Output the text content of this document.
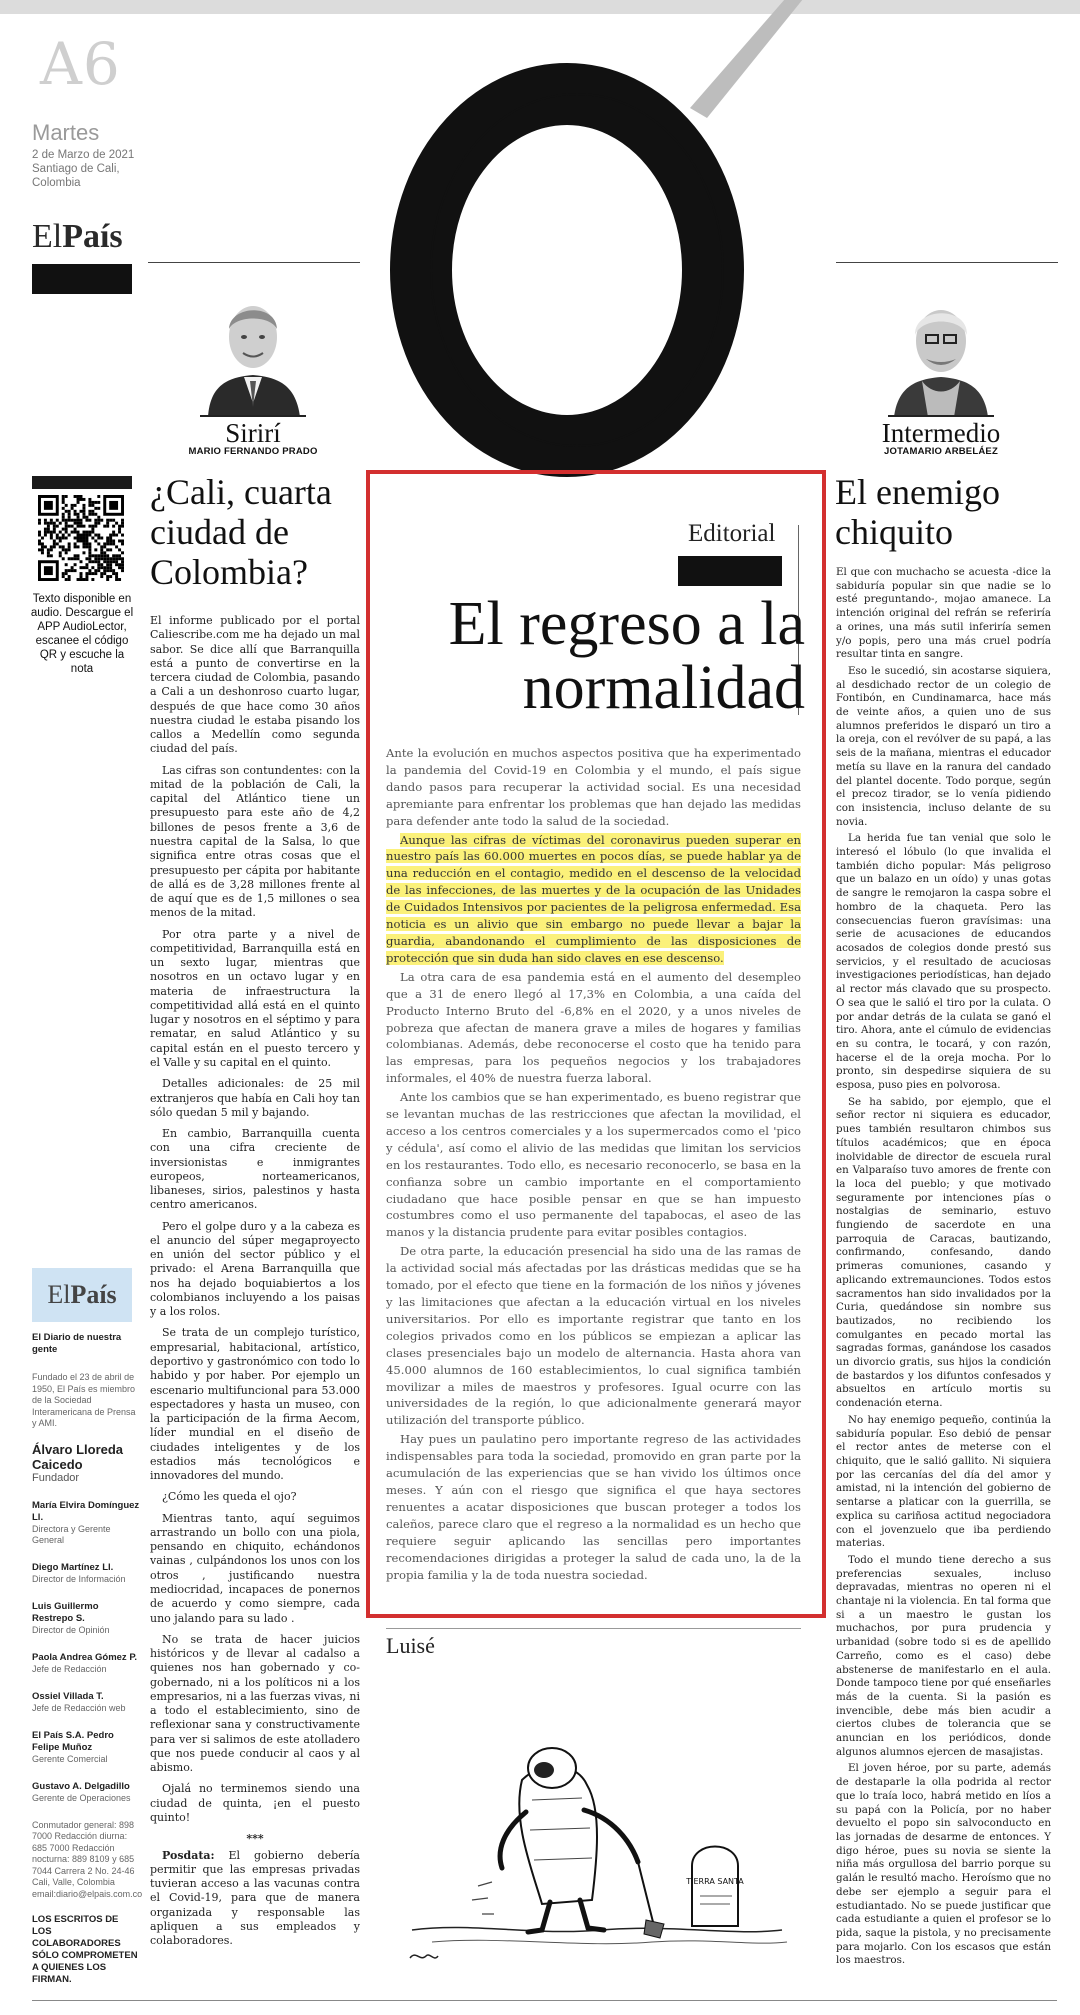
A6
Martes
2 de Marzo de 2021 Santiago de Cali, Colombia
ElPaís
Texto disponible en audio. Descargue el APP AudioLector, escanee el código QR y escuche la nota
El País
El Diario de nuestra gente
Fundado el 23 de abril de 1950, El País es miembro de la Sociedad Interamericana de Prensa y AMI.
Álvaro Lloreda Caicedo
Fundador
María Elvira Domínguez Ll.
Directora y Gerente General
Diego Martínez Ll.
Director de Información
Luis Guillermo Restrepo S.
Director de Opinión
Paola Andrea Gómez P.
Jefe de Redacción
Ossiel Villada T.
Jefe de Redacción web
El País S.A. Pedro Felipe Muñoz
Gerente Comercial
Gustavo A. Delgadillo
Gerente de Operaciones
Conmutador general: 898 7000 Redacción diurna: 685 7000 Redacción nocturna: 889 8109 y 685 7044 Carrera 2 No. 24-46 Cali, Valle, Colombia email:diario@elpais.com.co
LOS ESCRITOS DE LOS COLABORADORES SÓLO COMPROMETEN A QUIENES LOS FIRMAN.
Sirirí
MARIO FERNANDO PRADO
Intermedio
JOTAMARIO ARBELÁEZ
¿Cali, cuarta ciudad de Colombia?

El informe publicado por el portal Caliescribe.com me ha dejado un mal sabor. Se dice allí que Barranquilla está a punto de convertirse en la tercera ciudad de Colombia, pasando a Cali a un deshonroso cuarto lugar, después de que hace como 30 años nuestra ciudad le estaba pisando los callos a Medellín como segunda ciudad del país.

Las cifras son contundentes: con la mitad de la población de Cali, la capital del Atlántico tiene un presupuesto para este año de 4,2 billones de pesos frente a 3,6 de nuestra capital de la Salsa, lo que significa entre otras cosas que el presupuesto per cápita por habitante de allá es de 3,28 millones frente al de aquí que es de 1,5 millones o sea menos de la mitad.

Por otra parte y a nivel de competitividad, Barranquilla está en un sexto lugar, mientras que nosotros en un octavo lugar y en materia de infraestructura la competitividad allá está en el quinto lugar y nosotros en el séptimo y para rematar, en salud Atlántico y su capital están en el puesto tercero y el Valle y su capital en el quinto.

Detalles adicionales: de 25 mil extranjeros que había en Cali hoy tan sólo quedan 5 mil y bajando.

En cambio, Barranquilla cuenta con una cifra creciente de inversionistas e inmigrantes europeos, norteamericanos, libaneses, sirios, palestinos y hasta centro americanos.

Pero el golpe duro y a la cabeza es el anuncio del súper megaproyecto en unión del sector público y el privado: el Arena Barranquilla que nos ha dejado boquiabiertos a los colombianos incluyendo a los paisas y a los rolos.

Se trata de un complejo turístico, empresarial, habitacional, artístico, deportivo y gastronómico con todo lo habido y por haber. Por ejemplo un escenario multifuncional para 53.000 espectadores y hasta un museo, con la participación de la firma Aecom, líder mundial en el diseño de ciudades inteligentes y de los estadios más tecnológicos e innovadores del mundo.

¿Cómo les queda el ojo?

Mientras tanto, aquí seguimos arrastrando un bollo con una piola, pensando en chiquito, echándonos vainas , culpándonos los unos con los otros , justificando nuestra mediocridad, incapaces de ponernos de acuerdo y como siempre, cada uno jalando para su lado .

No se trata de hacer juicios históricos y de llevar al cadalso a quienes nos han gobernado y co-gobernado, ni a los políticos ni a los empresarios, ni a las fuerzas vivas, ni a todo el establecimiento, sino de reflexionar sana y constructivamente para ver si salimos de este atolladero que nos puede conducir al caos y al abismo.

Ojalá no terminemos siendo una ciudad de quinta, ¡en el puesto quinto!

***

Posdata: El gobierno debería permitir que las empresas privadas tuvieran acceso a las vacunas contra el Covid-19, para que de manera organizada y responsable las apliquen a sus empleados y colaboradores.

Editorial
El regreso a la normalidad

Ante la evolución en muchos aspectos positiva que ha experimentado la pandemia del Covid-19 en Colombia y el mundo, el país sigue dando pasos para recuperar la actividad social. Es una necesidad apremiante para enfrentar los problemas que han dejado las medidas para defender ante todo la salud de la sociedad.

Aunque las cifras de víctimas del coronavirus pueden superar en nuestro país las 60.000 muertes en pocos días, se puede hablar ya de una reducción en el contagio, medido en el descenso de la velocidad de las infecciones, de las muertes y de la ocupación de las Unidades de Cuidados Intensivos por pacientes de la peligrosa enfermedad. Esa noticia es un alivio que sin embargo no puede llevar a bajar la guardia, abandonando el cumplimiento de las disposiciones de protección que sin duda han sido claves en ese descenso.

La otra cara de esa pandemia está en el aumento del desempleo que a 31 de enero llegó al 17,3% en Colombia, a una caída del Producto Interno Bruto del -6,8% en el 2020, y a unos niveles de pobreza que afectan de manera grave a miles de hogares y familias colombianas. Además, debe reconocerse el costo que ha tenido para las empresas, para los pequeños negocios y los trabajadores informales, el 40% de nuestra fuerza laboral.

Ante los cambios que se han experimentado, es bueno registrar que se levantan muchas de las restricciones que afectan la movilidad, el acceso a los centros comerciales y a los supermercados como el 'pico y cédula', así como el alivio de las medidas que limitan los servicios en los restaurantes. Todo ello, es necesario reconocerlo, se basa en la confianza sobre un cambio importante en el comportamiento ciudadano que hace posible pensar en que se han impuesto costumbres como el uso permanente del tapabocas, el aseo de las manos y la distancia prudente para evitar posibles contagios.

De otra parte, la educación presencial ha sido una de las ramas de la actividad social más afectadas por las drásticas medidas que se ha tomado, por el efecto que tiene en la formación de los niños y jóvenes y las limitaciones que afectan a la educación virtual en los niveles universitarios. Por ello es importante registrar que tanto en los colegios privados como en los públicos se empiezan a aplicar las clases presenciales bajo un modelo de alternancia. Hasta ahora van 45.000 alumnos de 160 establecimientos, lo cual significa también movilizar a miles de maestros y profesores. Igual ocurre con las universidades de la región, lo que adicionalmente generará mayor utilización del transporte público.

Hay pues un paulatino pero importante regreso de las actividades indispensables para toda la sociedad, promovido en gran parte por la acumulación de las experiencias que se han vivido los últimos once meses. Y aún con el riesgo que significa el que haya sectores renuentes a acatar disposiciones que buscan proteger a todos los caleños, parece claro que el regreso a la normalidad es un hecho que requiere seguir aplicando las sencillas pero importantes recomendaciones dirigidas a proteger la salud de cada uno, la de la propia familia y la de toda nuestra sociedad.

Luisé
TIERRA SANTA
El enemigo chiquito

El que con muchacho se acuesta -dice la sabiduría popular sin que nadie se lo esté preguntando-, mojao amanece. La intención original del refrán se referiría a orines, una más sutil inferiría semen y/o popis, pero una más cruel podría resultar tinta en sangre.

Eso le sucedió, sin acostarse siquiera, al desdichado rector de un colegio de Fontibón, en Cundinamarca, hace más de veinte años, a quien uno de sus alumnos preferidos le disparó un tiro a la oreja, con el revólver de su papá, a las seis de la mañana, mientras el educador metía su llave en la ranura del candado del plantel docente. Todo porque, según el precoz tirador, se lo venía pidiendo con insistencia, incluso delante de su novia.

La herida fue tan venial que solo le interesó el lóbulo (lo que invalida el también dicho popular: Más peligroso que un balazo en un oído) y unas gotas de sangre le remojaron la caspa sobre el hombro de la chaqueta. Pero las consecuencias fueron gravísimas: una serie de acusaciones de educandos acosados de colegios donde prestó sus servicios, y el resultado de acuciosas investigaciones periodísticas, han dejado al rector más clavado que su prospecto. O sea que le salió el tiro por la culata. O por andar detrás de la culata se ganó el tiro. Ahora, ante el cúmulo de evidencias en su contra, le tocará, y con razón, hacerse el de la oreja mocha. Por lo pronto, sin despedirse siquiera de su esposa, puso pies en polvorosa.

Se ha sabido, por ejemplo, que el señor rector ni siquiera es educador, pues también resultaron chimbos sus títulos académicos; que en época inolvidable de director de escuela rural en Valparaíso tuvo amores de frente con la loca del pueblo; y que motivado seguramente por intenciones pías o nostalgias de seminario, estuvo fungiendo de sacerdote en una parroquia de Caracas, bautizando, confirmando, confesando, dando primeras comuniones, casando y aplicando extremaunciones. Todos estos sacramentos han sido invalidados por la Curia, quedándose sin nombre sus bautizados, no recibiendo los comulgantes en pecado mortal las sagradas formas, ganándose los casados un divorcio gratis, sus hijos la condición de bastardos y los difuntos confesados y absueltos en artículo mortis su condenación eterna.

No hay enemigo pequeño, continúa la sabiduría popular. Eso debió de pensar el rector antes de meterse con el chiquito, que le salió gallito. Ni siquiera por las cercanías del día del amor y amistad, ni la intención del gobierno de sentarse a platicar con la guerrilla, se explica su cariñosa actitud negociadora con el jovenzuelo que iba perdiendo materias.

Todo el mundo tiene derecho a sus preferencias sexuales, incluso depravadas, mientras no operen ni el chantaje ni la violencia. En tal forma que si a un maestro le gustan los muchachos, por pura prudencia y urbanidad (sobre todo si es de apellido Carreño, como es el caso) debe abstenerse de manifestarlo en el aula. Donde tampoco tiene por qué enseñarles más de la cuenta. Si la pasión es invencible, debe más bien acudir a ciertos clubes de tolerancia que se anuncian en los periódicos, donde algunos alumnos ejercen de masajistas.

El joven héroe, por su parte, además de destaparle la olla podrida al rector que lo traía loco, habrá metido en líos a su papá con la Policía, por no haber devuelto el popo sin salvoconducto en las jornadas de desarme de entonces. Y digo héroe, pues su novia se siente la niña más orgullosa del barrio porque su galán le resultó macho. Heroísmo que no debe ser ejemplo a seguir para el estudiantado. No se puede justificar que cada estudiante a quien el profesor se lo pida, saque la pistola, y no precisamente para mojarlo. Con los escasos que están los maestros.
